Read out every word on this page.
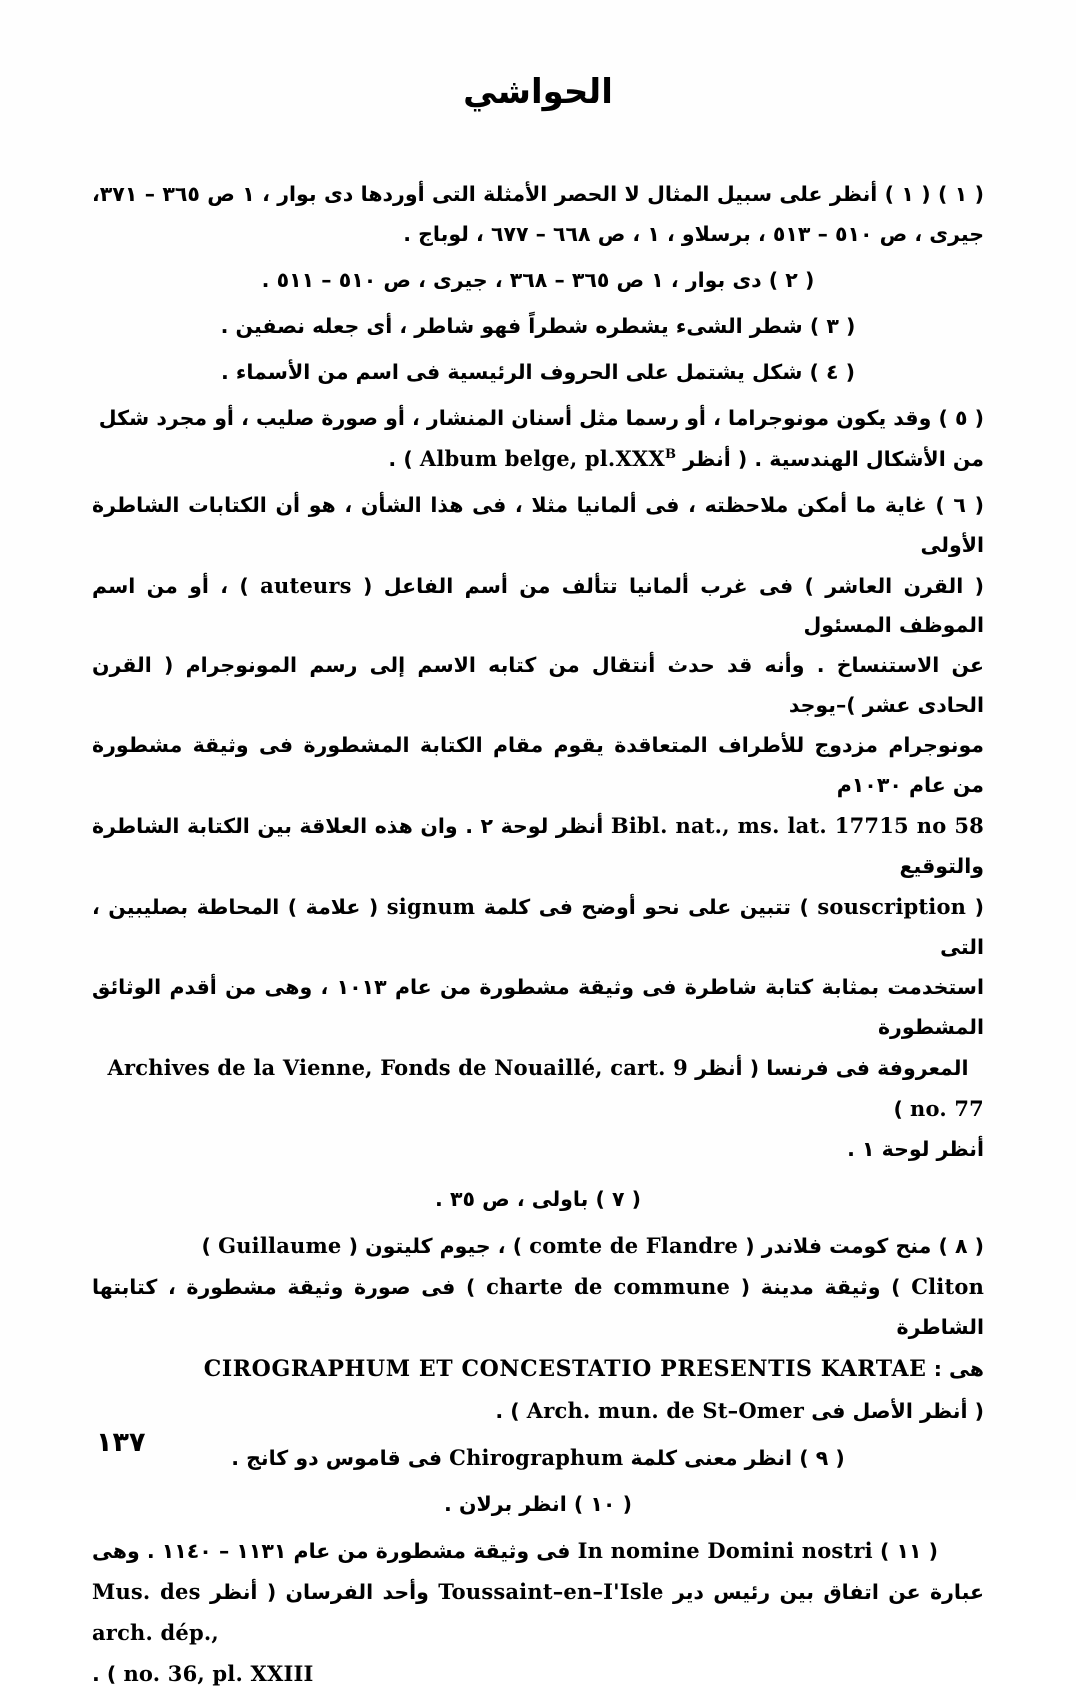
الحواشي

( ١ ) ( ١ ) أنظر على سبيل المثال لا الحصر الأمثلة التى أوردها دى بوار ، ١ ص ٣٦٥ – ٣٧١، جيرى ، ص ٥١٠ – ٥١٣ ، برسلاو ، ١ ، ص ٦٦٨ – ٦٧٧ ، لوباج .

( ٢ ) دى بوار ، ١ ص ٣٦٥ – ٣٦٨ ، جيرى ، ص ٥١٠ – ٥١١ .

( ٣ ) شطر الشىء يشطره شطراً فهو شاطر ، أى جعله نصفين .

( ٤ ) شكل يشتمل على الحروف الرئيسية فى اسم من الأسماء .

( ٥ ) وقد يكون مونوجراما ، أو رسما مثل أسنان المنشار ، أو صورة صليب ، أو مجرد شكل
من الأشكال الهندسية . ( أنظر Album belge, $pl.XXX^B$ ) .

( ٦ ) غاية ما أمكن ملاحظته ، فى ألمانيا مثلا ، فى هذا الشأن ، هو أن الكتابات الشاطرة الأولى
( القرن العاشر ) فى غرب ألمانيا تتألف من أسم الفاعل ( auteurs ) ، أو من اسم الموظف المسئول
عن الاستنساخ . وأنه قد حدث أنتقال من كتابه الاسم إلى رسم المونوجرام ( القرن الحادى عشر )–يوجد
مونوجرام مزدوج للأطراف المتعاقدة يقوم مقام الكتابة المشطورة فى وثيقة مشطورة من عام ١٠٣٠م
Bibl. nat., ms. lat. 17715 no 58 أنظر لوحة ٢ . وان هذه العلاقة بين الكتابة الشاطرة والتوقيع
( souscription ) تتبين على نحو أوضح فى كلمة signum ( علامة ) المحاطة بصليبين ، التى
استخدمت بمثابة كتابة شاطرة فى وثيقة مشطورة من عام ١٠١٣ ، وهى من أقدم الوثائق المشطورة
المعروفة فى فرنسا ( أنظر Archives de la Vienne, Fonds de Nouaillé, cart. 9 no. 77 )
أنظر لوحة ١ .

( ٧ ) باولى ، ص ٣٥ .

( ٨ ) منح كومت فلاندر ( comte de Flandre ) ، جيوم كليتون ( Guillaume )
Cliton ) وثيقة مدينة ( charte de commune ) فى صورة وثيقة مشطورة ، كتابتها الشاطرة
هى : CIROGRAPHUM ET CONCESTATIO PRESENTIS KARTAE
( أنظر الأصل فى Arch. mun. de St–Omer ) .

( ٩ ) انظر معنى كلمة Chirographum فى قاموس دو كانج .

( ١٠ ) انظر برلان .

( ١١ ) In nomine Domini nostri فى وثيقة مشطورة من عام ١١٣١ – ١١٤٠ . وهى
عبارة عن اتفاق بين رئيس دير Toussaint–en–I'Isle وأحد الفرسان ( أنظر Mus. des arch. dép.,
no. 36, pl. XXIII ) .
١٣٧
